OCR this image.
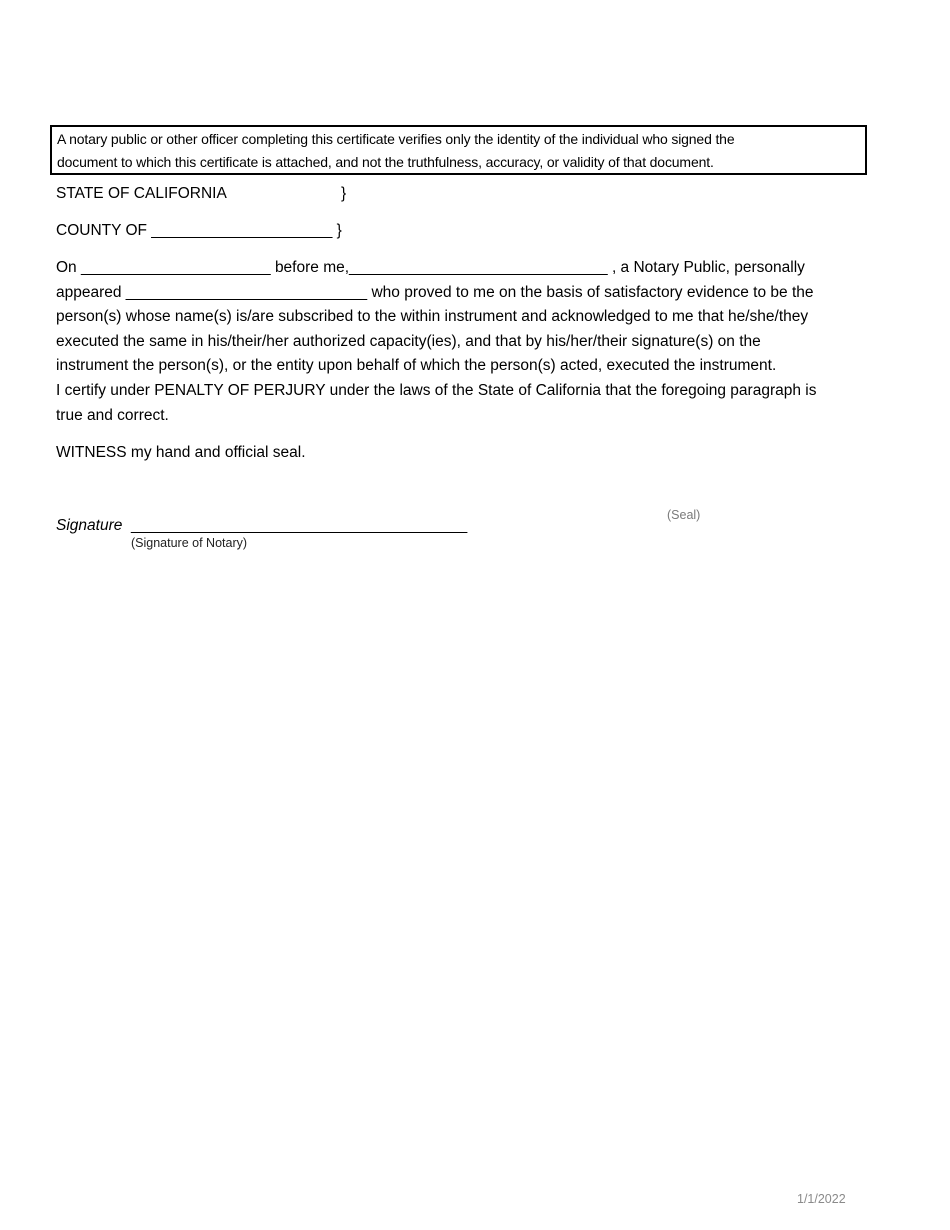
A notary public or other officer completing this certificate verifies only the identity of the individual who signed the
document to which this certificate is attached, and not the truthfulness, accuracy, or validity of that document.
STATE OF CALIFORNIA	}
COUNTY OF _____________________ }
On ______________________ before me,______________________________ , a Notary Public, personally
appeared ____________________________ who proved to me on the basis of satisfactory evidence to be the
person(s) whose name(s) is/are subscribed to the within instrument and acknowledged to me that he/she/they
executed the same in his/their/her authorized capacity(ies), and that by his/her/their signature(s) on the
instrument the person(s), or the entity upon behalf of which the person(s) acted, executed the instrument.
I certify under PENALTY OF PERJURY under the laws of the State of California that the foregoing paragraph is
true and correct.
WITNESS my hand and official seal.
Signature _______________________________________
(Signature of Notary)
(Seal)
1/1/2022
